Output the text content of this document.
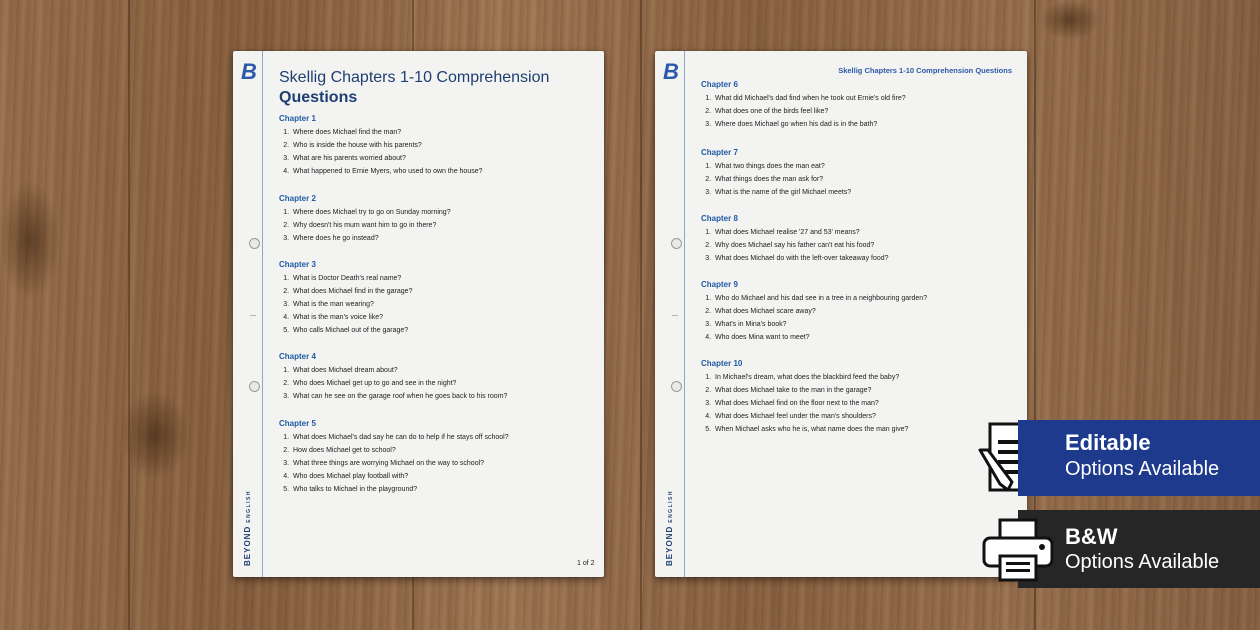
B
BEYONDENGLISH
Skellig Chapters 1-10 Comprehension
Questions
Chapter 1
1. Where does Michael find the man?
2. Who is inside the house with his parents?
3. What are his parents worried about?
4. What happened to Ernie Myers, who used to own the house?
Chapter 2
1. Where does Michael try to go on Sunday morning?
2. Why doesn't his mum want him to go in there?
3. Where does he go instead?
Chapter 3
1. What is Doctor Death's real name?
2. What does Michael find in the garage?
3. What is the man wearing?
4. What is the man's voice like?
5. Who calls Michael out of the garage?
Chapter 4
1. What does Michael dream about?
2. Who does Michael get up to go and see in the night?
3. What can he see on the garage roof when he goes back to his room?
Chapter 5
1. What does Michael's dad say he can do to help if he stays off school?
2. How does Michael get to school?
3. What three things are worrying Michael on the way to school?
4. Who does Michael play football with?
5. Who talks to Michael in the playground?
1 of 2
B
BEYONDENGLISH
Skellig Chapters 1-10 Comprehension Questions
Chapter 6
1. What did Michael's dad find when he took out Ernie's old fire?
2. What does one of the birds feel like?
3. Where does Michael go when his dad is in the bath?
Chapter 7
1. What two things does the man eat?
2. What things does the man ask for?
3. What is the name of the girl Michael meets?
Chapter 8
1. What does Michael realise '27 and 53' means?
2. Why does Michael say his father can't eat his food?
3. What does Michael do with the left-over takeaway food?
Chapter 9
1. Who do Michael and his dad see in a tree in a neighbouring garden?
2. What does Michael scare away?
3. What's in Mina's book?
4. Who does Mina want to meet?
Chapter 10
1. In Michael's dream, what does the blackbird feed the baby?
2. What does Michael take to the man in the garage?
3. What does Michael find on the floor next to the man?
4. What does Michael feel under the man's shoulders?
5. When Michael asks who he is, what name does the man give?
Editable
Options Available
B&W
Options Available
